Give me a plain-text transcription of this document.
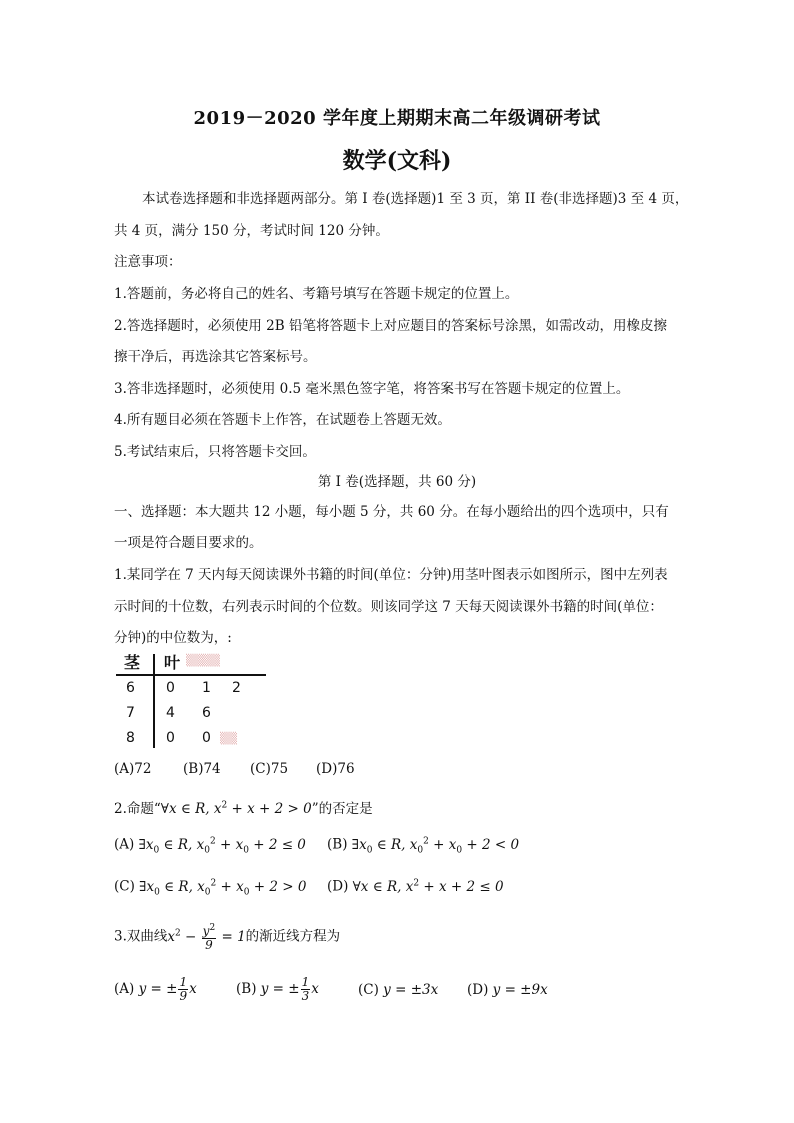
2019－2020 学年度上期期末高二年级调研考试
数学(文科)
本试卷选择题和非选择题两部分。第 I 卷(选择题)1 至 3 页，第 II 卷(非选择题)3 至 4 页，
共 4 页，满分 150 分，考试时间 120 分钟。
注意事项：
1.答题前，务必将自己的姓名、考籍号填写在答题卡规定的位置上。
2.答选择题时，必须使用 2B 铅笔将答题卡上对应题目的答案标号涂黑，如需改动，用橡皮擦
擦干净后，再选涂其它答案标号。
3.答非选择题时，必须使用 0.5 毫米黑色签字笔，将答案书写在答题卡规定的位置上。
4.所有题目必须在答题卡上作答，在试题卷上答题无效。
5.考试结束后，只将答题卡交回。
第 I 卷(选择题，共 60 分)
一、选择题：本大题共 12 小题，每小题 5 分，共 60 分。在每小题给出的四个选项中，只有
一项是符合题目要求的。
1.某同学在 7 天内每天阅读课外书籍的时间(单位：分钟)用茎叶图表示如图所示，图中左列表
示时间的十位数，右列表示时间的个位数。则该同学这 7 天每天阅读课外书籍的时间(单位：
分钟)的中位数为，:
茎 叶 ▒▒▒▒
6 0 1 2
7 4 6
8 0 0 ▒▒
(A)72 (B)74 (C)75 (D)76
2.命题“∀x ∈ R, $x^2 + x + 2 > 0$”的否定是
(A) $\exists x_0$ ∈ R, $x_0^2 + x_0 + 2 \le 0$ (B) $\exists x_0$ ∈ R, $x_0^2 + x_0 + 2 < 0$
(C) $\exists x_0$ ∈ R, $x_0^2 + x_0 + 2 > 0$ (D) ∀x ∈ R, $x^2 + x + 2 \le 0$
3.双曲线$x^2 - \frac{y^2}{9} = 1$的渐近线方程为
(A) y = ± $\frac{1}{9}$ x	(B) y = ± $\frac{1}{3}$ x	(C) y = ±3x (D) y = ±9x
